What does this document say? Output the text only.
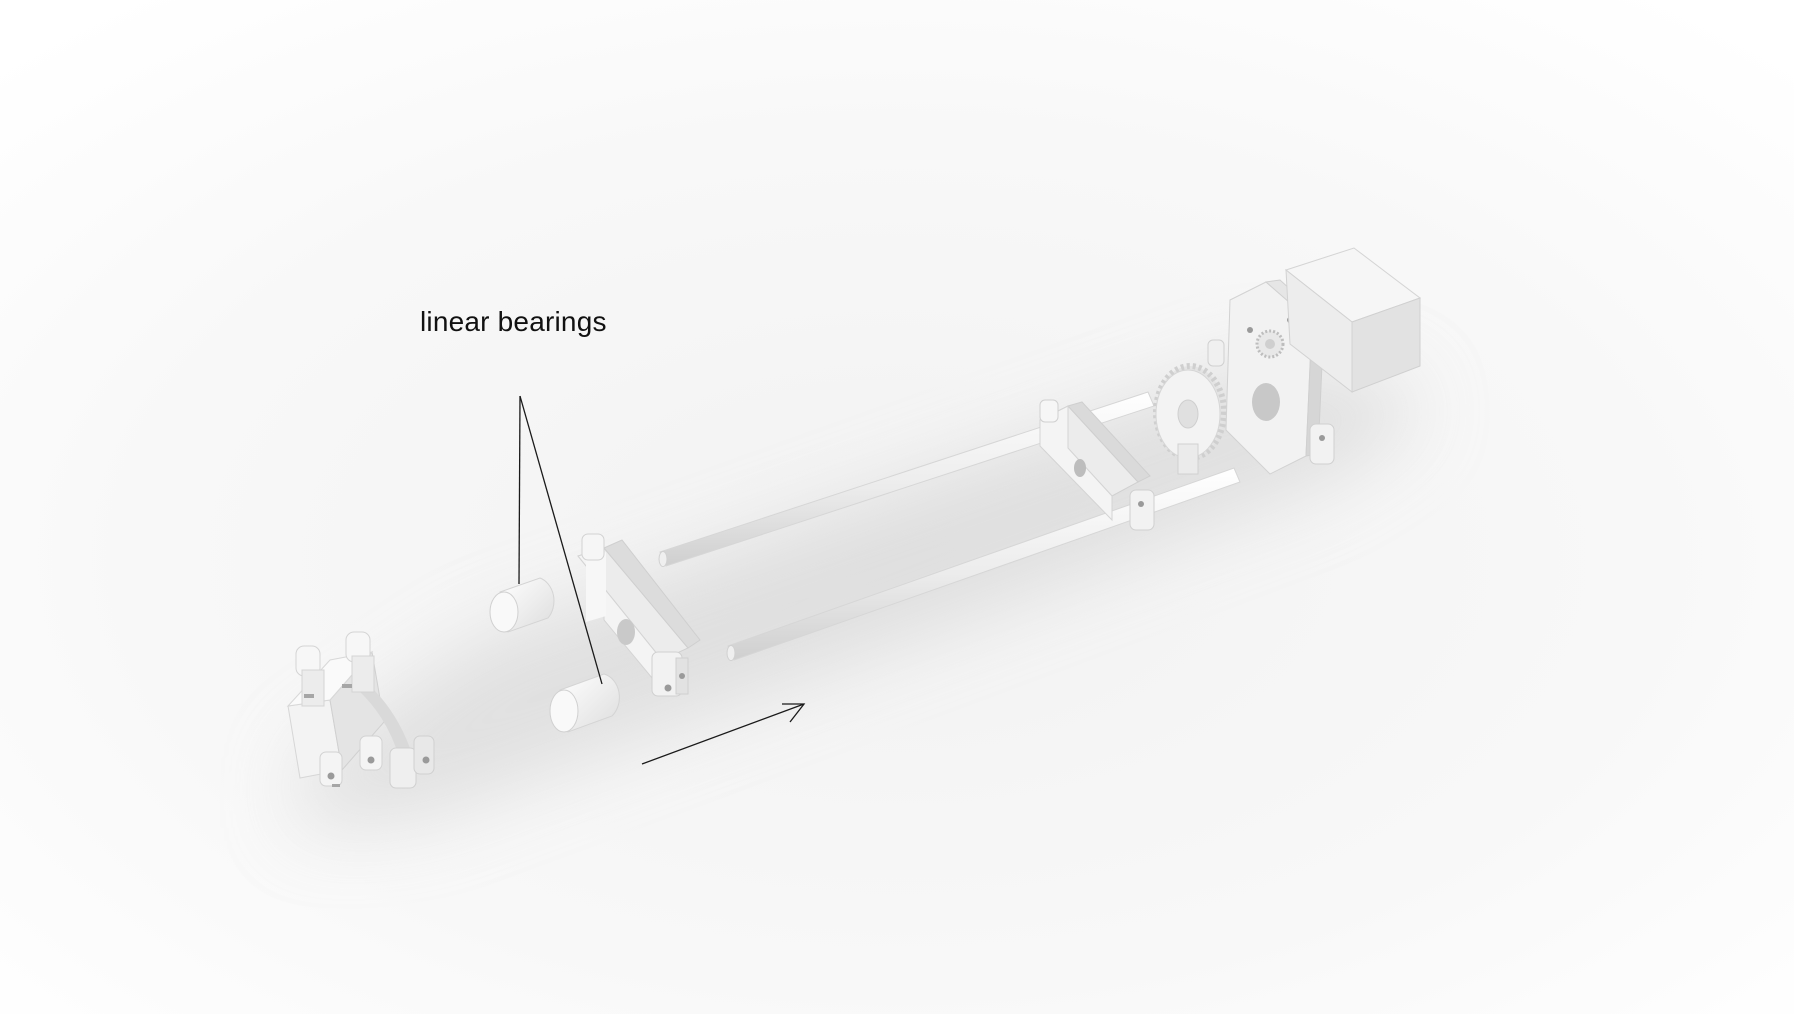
linear bearings
